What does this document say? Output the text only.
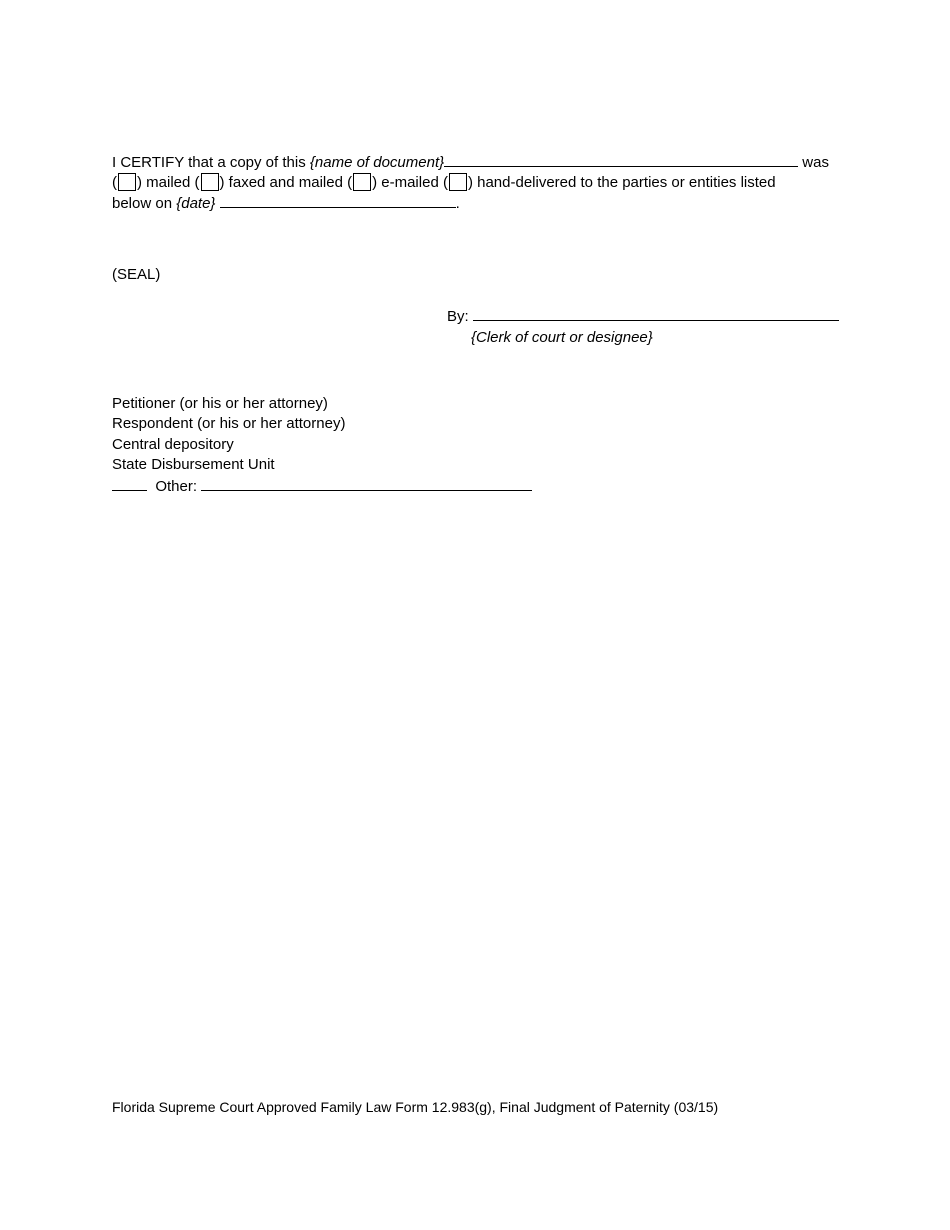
I CERTIFY that a copy of this {name of document}	was
( ) mailed ( ) faxed and mailed ( ) e-mailed ( ) hand-delivered to the parties or entities listed
below on {date}	.
(SEAL)
By:
{Clerk of court or designee}
Petitioner (or his or her attorney)
Respondent (or his or her attorney)
Central depository
State Disbursement Unit
Other:
Florida Supreme Court Approved Family Law Form 12.983(g), Final Judgment of Paternity (03/15)
